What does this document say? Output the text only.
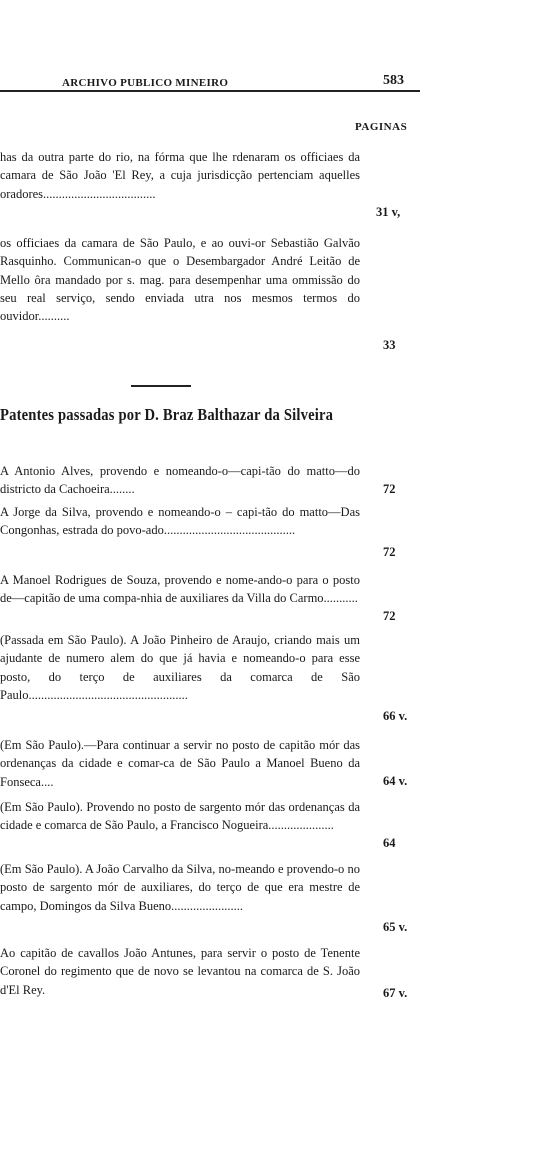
ARCHIVO PUBLICO MINEIRO	583
PAGINAS
has da outra parte do rio, na fórma que lhe rdenaram os officiaes da camara de São João 'El Rey, a cuja jurisdicção pertenciam aquelles oradores....................................
31 v,
os officiaes da camara de São Paulo, e ao ouvi-or Sebastião Galvão Rasquinho. Communican-o que o Desembargador André Leitão de Mello ôra mandado por s. mag. para desempenhar uma ommissão do seu real serviço, sendo enviada utra nos mesmos termos do ouvidor..........
33
Patentes passadas por D. Braz Balthazar da Silveira
A Antonio Alves, provendo e nomeando-o—capi-tão do matto—do districto da Cachoeira........	72
A Jorge da Silva, provendo e nomeando-o – capi-tão do matto—Das Congonhas, estrada do povo-ado..........................................
72
A Manoel Rodrigues de Souza, provendo e nome-ando-o para o posto de—capitão de uma compa-nhia de auxiliares da Villa do Carmo...........
72
(Passada em São Paulo). A João Pinheiro de Araujo, criando mais um ajudante de numero alem do que já havia e nomeando-o para esse posto, do terço de auxiliares da comarca de São Paulo...................................................
66 v.
(Em São Paulo).—Para continuar a servir no posto de capitão mór das ordenanças da cidade e comar-ca de São Paulo a Manoel Bueno da Fonseca....	64 v.
(Em São Paulo). Provendo no posto de sargento mór das ordenanças da cidade e comarca de São Paulo, a Francisco Nogueira.....................
64
(Em São Paulo). A João Carvalho da Silva, no-meando e provendo-o no posto de sargento mór de auxiliares, do terço de que era mestre de campo, Domingos da Silva Bueno.......................
65 v.
Ao capitão de cavallos João Antunes, para servir o posto de Tenente Coronel do regimento que de novo se levantou na comarca de S. João d'El Rey.	67 v.
